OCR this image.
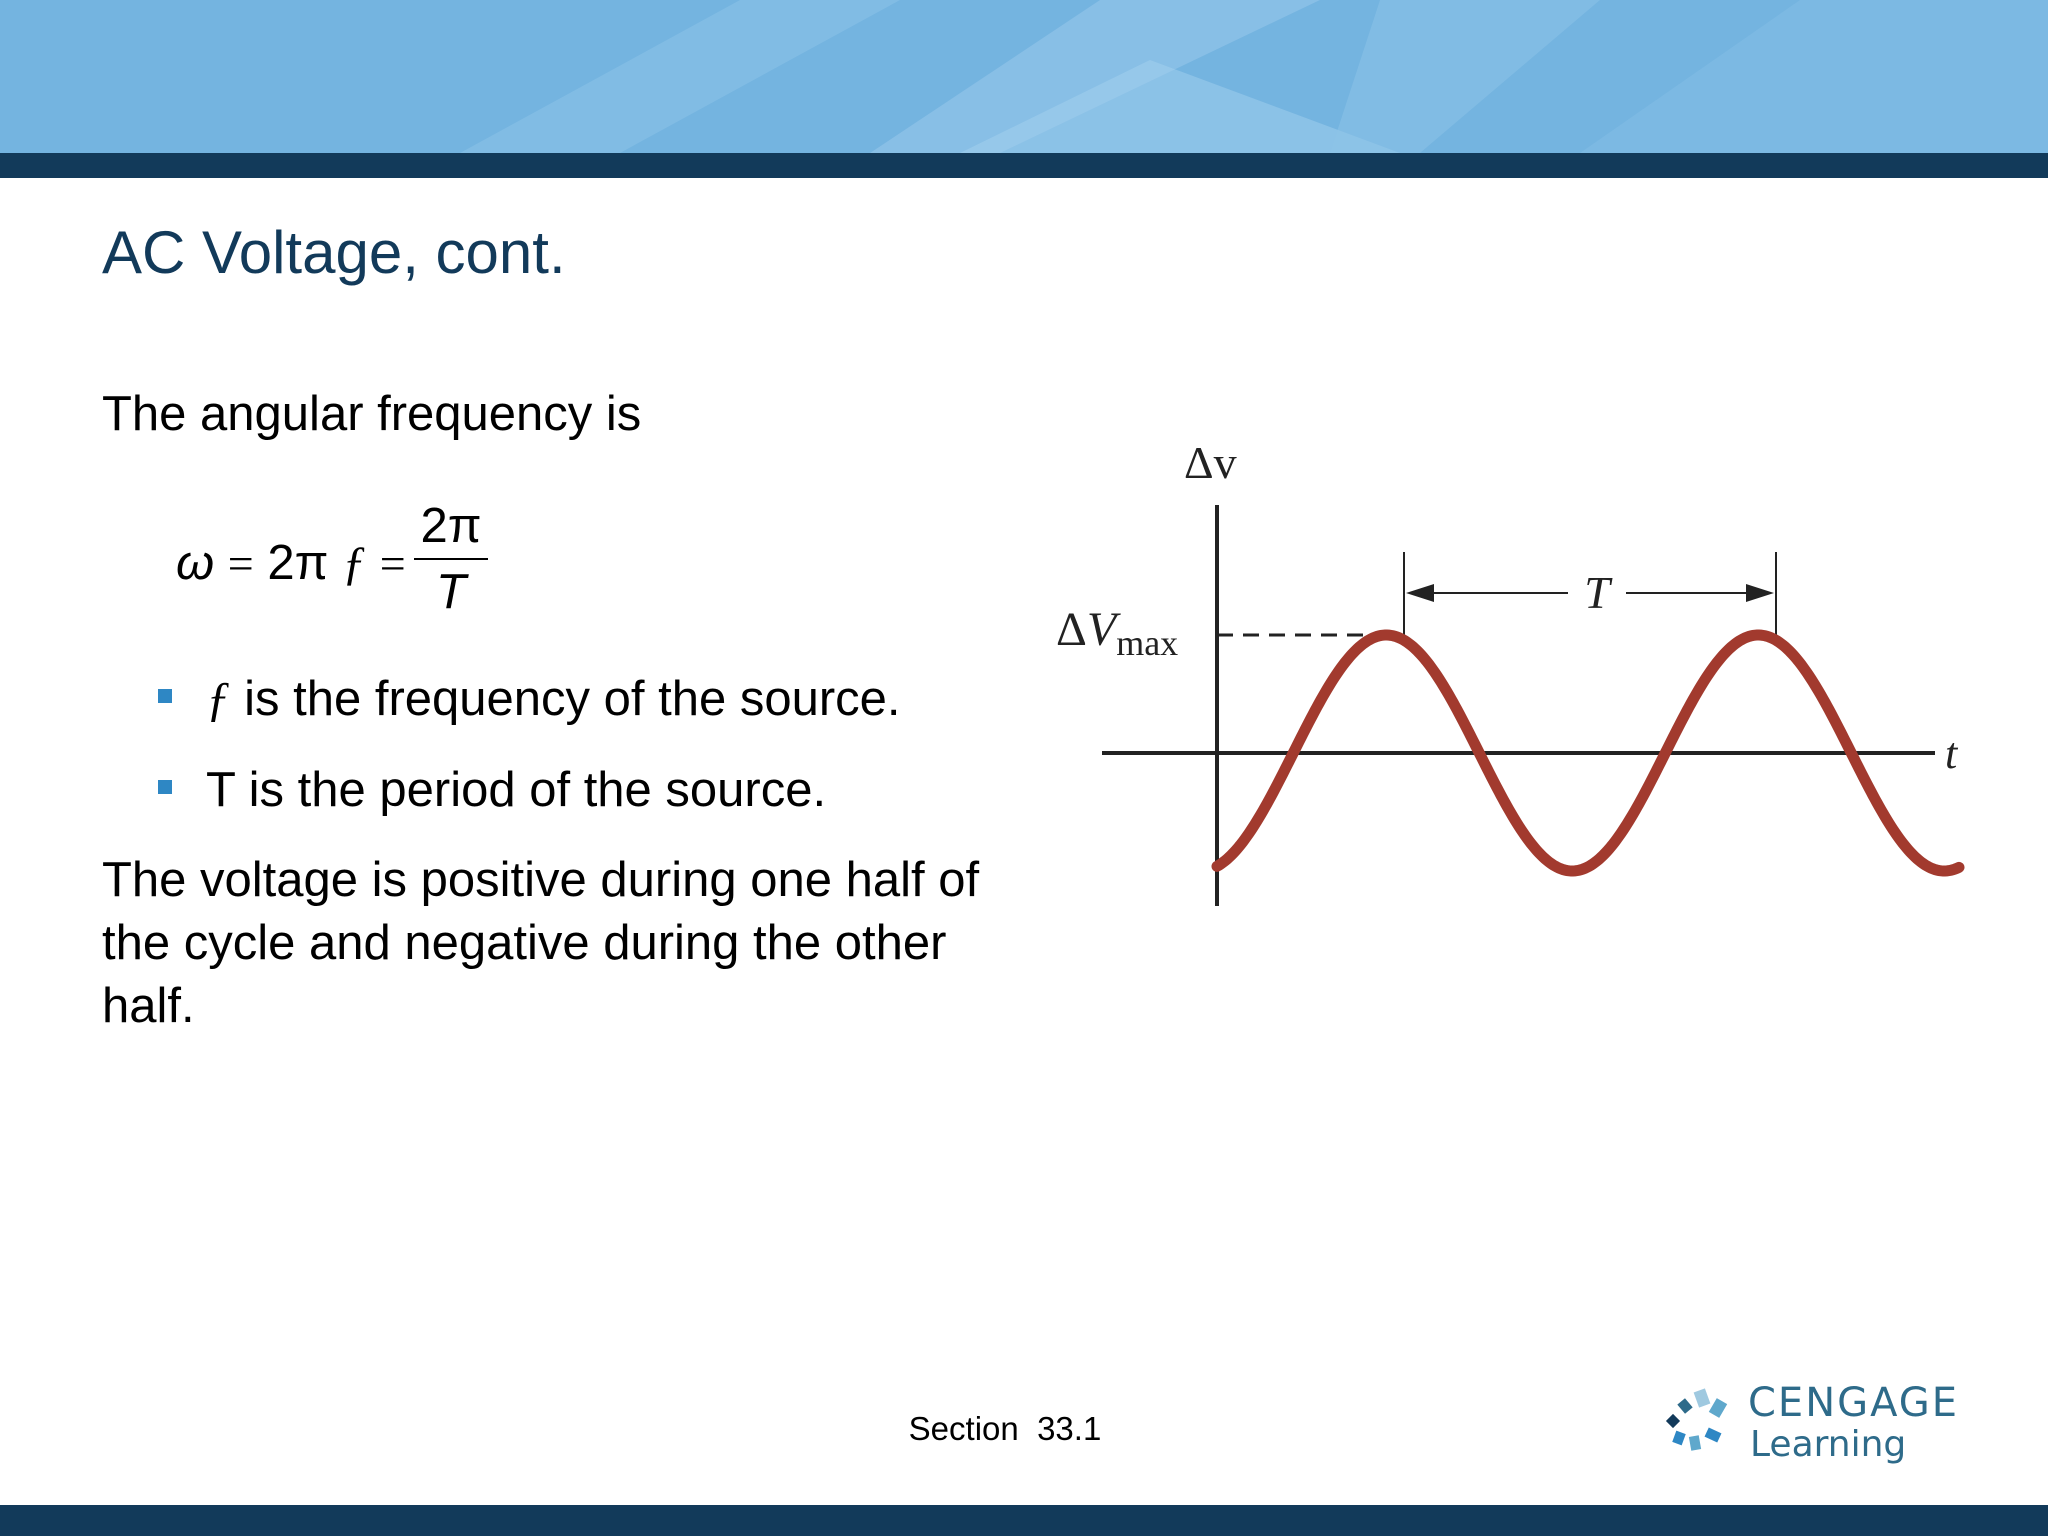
AC Voltage, cont.

The angular frequency is

ω = 2π ƒ =
2π
T
ƒ is the frequency of the source.
T is the period of the source.

The voltage is positive during one half of the cycle and negative during the other half.

Δv
t
$\Delta V_{max}$
T
Section  33.1
CENGAGE
Learning
